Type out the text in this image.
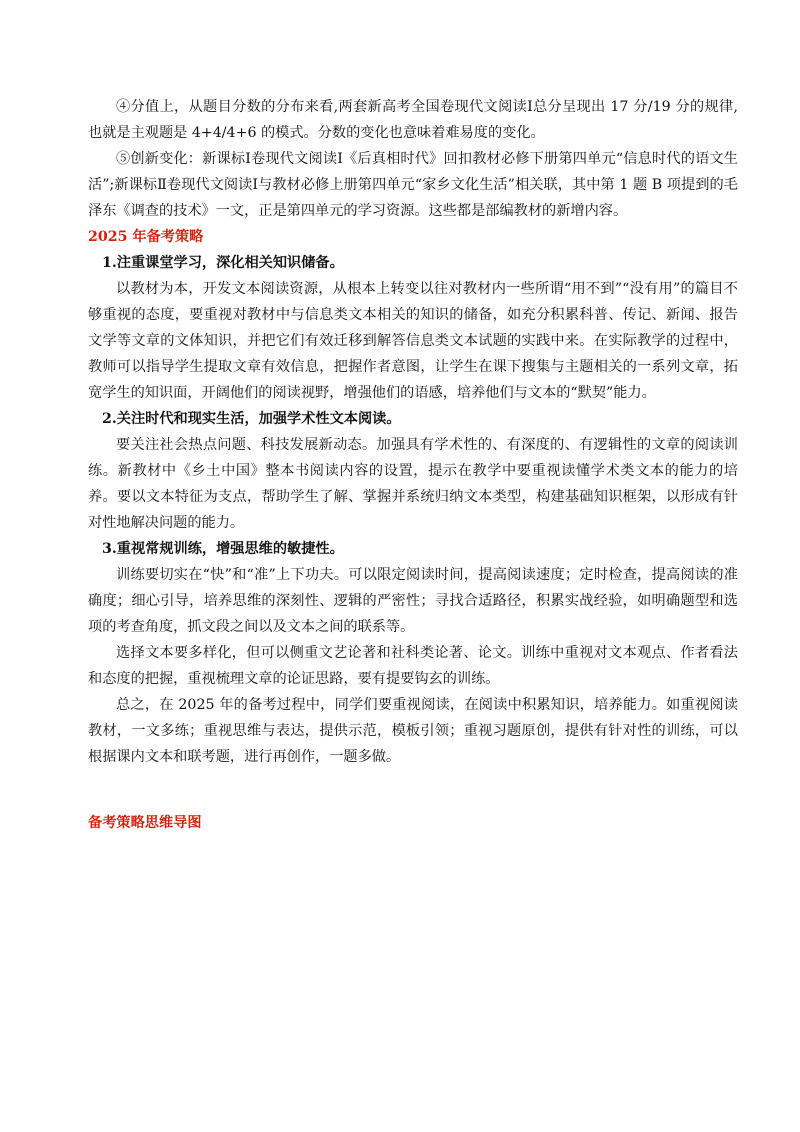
④分值上，从题目分数的分布来看,两套新高考全国卷现代文阅读Ⅰ总分呈现出 17 分/19 分的规律,也就是主观题是 4+4/4+6 的模式。分数的变化也意味着难易度的变化。

⑤创新变化：新课标Ⅰ卷现代文阅读Ⅰ《后真相时代》回扣教材必修下册第四单元“信息时代的语文生活”;新课标Ⅱ卷现代文阅读Ⅰ与教材必修上册第四单元“家乡文化生活”相关联，其中第 1 题 B 项提到的毛泽东《调查的技术》一文，正是第四单元的学习资源。这些都是部编教材的新增内容。

2025 年备考策略

1.注重课堂学习，深化相关知识储备。

以教材为本，开发文本阅读资源，从根本上转变以往对教材内一些所谓“用不到”“没有用”的篇目不够重视的态度，要重视对教材中与信息类文本相关的知识的储备，如充分积累科普、传记、新闻、报告文学等文章的文体知识，并把它们有效迁移到解答信息类文本试题的实践中来。在实际教学的过程中，教师可以指导学生提取文章有效信息，把握作者意图，让学生在课下搜集与主题相关的一系列文章，拓宽学生的知识面，开阔他们的阅读视野，增强他们的语感，培养他们与文本的“默契”能力。

2.关注时代和现实生活，加强学术性文本阅读。

要关注社会热点问题、科技发展新动态。加强具有学术性的、有深度的、有逻辑性的文章的阅读训练。新教材中《乡土中国》整本书阅读内容的设置，提示在教学中要重视读懂学术类文本的能力的培养。要以文本特征为支点，帮助学生了解、掌握并系统归纳文本类型，构建基础知识框架，以形成有针对性地解决问题的能力。

3.重视常规训练，增强思维的敏捷性。

训练要切实在“快”和“准”上下功夫。可以限定阅读时间，提高阅读速度；定时检查，提高阅读的准确度；细心引导，培养思维的深刻性、逻辑的严密性；寻找合适路径，积累实战经验，如明确题型和选项的考查角度，抓文段之间以及文本之间的联系等。

选择文本要多样化，但可以侧重文艺论著和社科类论著、论文。训练中重视对文本观点、作者看法和态度的把握，重视梳理文章的论证思路，要有提要钩玄的训练。

总之，在 2025 年的备考过程中，同学们要重视阅读，在阅读中积累知识，培养能力。如重视阅读教材，一文多练；重视思维与表达，提供示范，模板引领；重视习题原创，提供有针对性的训练，可以根据课内文本和联考题，进行再创作，一题多做。

备考策略思维导图
